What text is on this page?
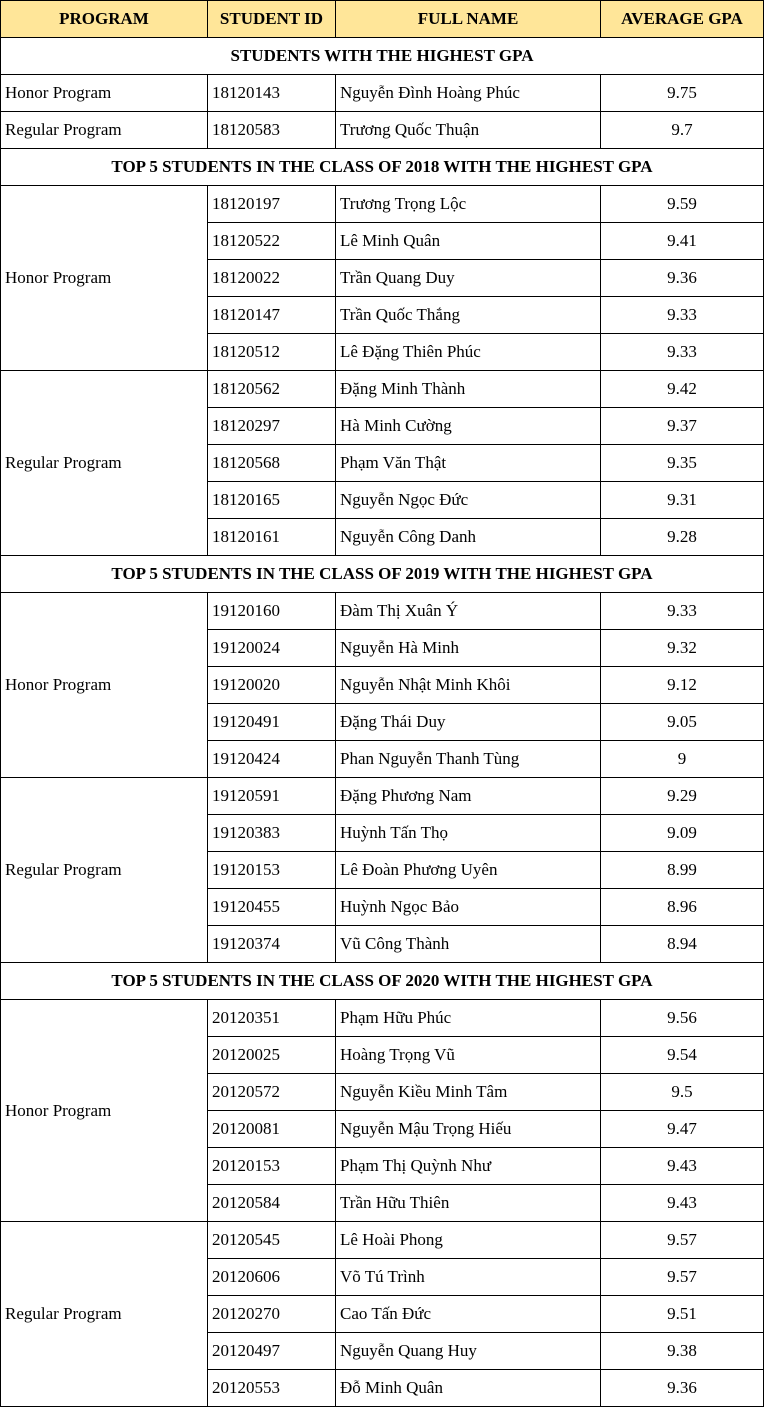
PROGRAM	STUDENT ID	FULL NAME	AVERAGE GPA
STUDENTS WITH THE HIGHEST GPA			
Honor Program	18120143	Nguyễn Đình Hoàng Phúc	9.75
Regular Program	18120583	Trương Quốc Thuận	9.7
TOP 5 STUDENTS IN THE CLASS OF 2018 WITH THE HIGHEST GPA			
Honor Program	18120197	Trương Trọng Lộc	9.59
	18120522	Lê Minh Quân	9.41
	18120022	Trần Quang Duy	9.36
	18120147	Trần Quốc Thắng	9.33
	18120512	Lê Đặng Thiên Phúc	9.33
Regular Program	18120562	Đặng Minh Thành	9.42
	18120297	Hà Minh Cường	9.37
	18120568	Phạm Văn Thật	9.35
	18120165	Nguyễn Ngọc Đức	9.31
	18120161	Nguyễn Công Danh	9.28
TOP 5 STUDENTS IN THE CLASS OF 2019 WITH THE HIGHEST GPA			
Honor Program	19120160	Đàm Thị Xuân Ý	9.33
	19120024	Nguyễn Hà Minh	9.32
	19120020	Nguyễn Nhật Minh Khôi	9.12
	19120491	Đặng Thái Duy	9.05
	19120424	Phan Nguyễn Thanh Tùng	9
Regular Program	19120591	Đặng Phương Nam	9.29
	19120383	Huỳnh Tấn Thọ	9.09
	19120153	Lê Đoàn Phương Uyên	8.99
	19120455	Huỳnh Ngọc Bảo	8.96
	19120374	Vũ Công Thành	8.94
TOP 5 STUDENTS IN THE CLASS OF 2020 WITH THE HIGHEST GPA			
Honor Program	20120351	Phạm Hữu Phúc	9.56
	20120025	Hoàng Trọng Vũ	9.54
	20120572	Nguyễn Kiều Minh Tâm	9.5
	20120081	Nguyễn Mậu Trọng Hiếu	9.47
	20120153	Phạm Thị Quỳnh Như	9.43
	20120584	Trần Hữu Thiên	9.43
Regular Program	20120545	Lê Hoài Phong	9.57
	20120606	Võ Tú Trình	9.57
	20120270	Cao Tấn Đức	9.51
	20120497	Nguyễn Quang Huy	9.38
	20120553	Đỗ Minh Quân	9.36
